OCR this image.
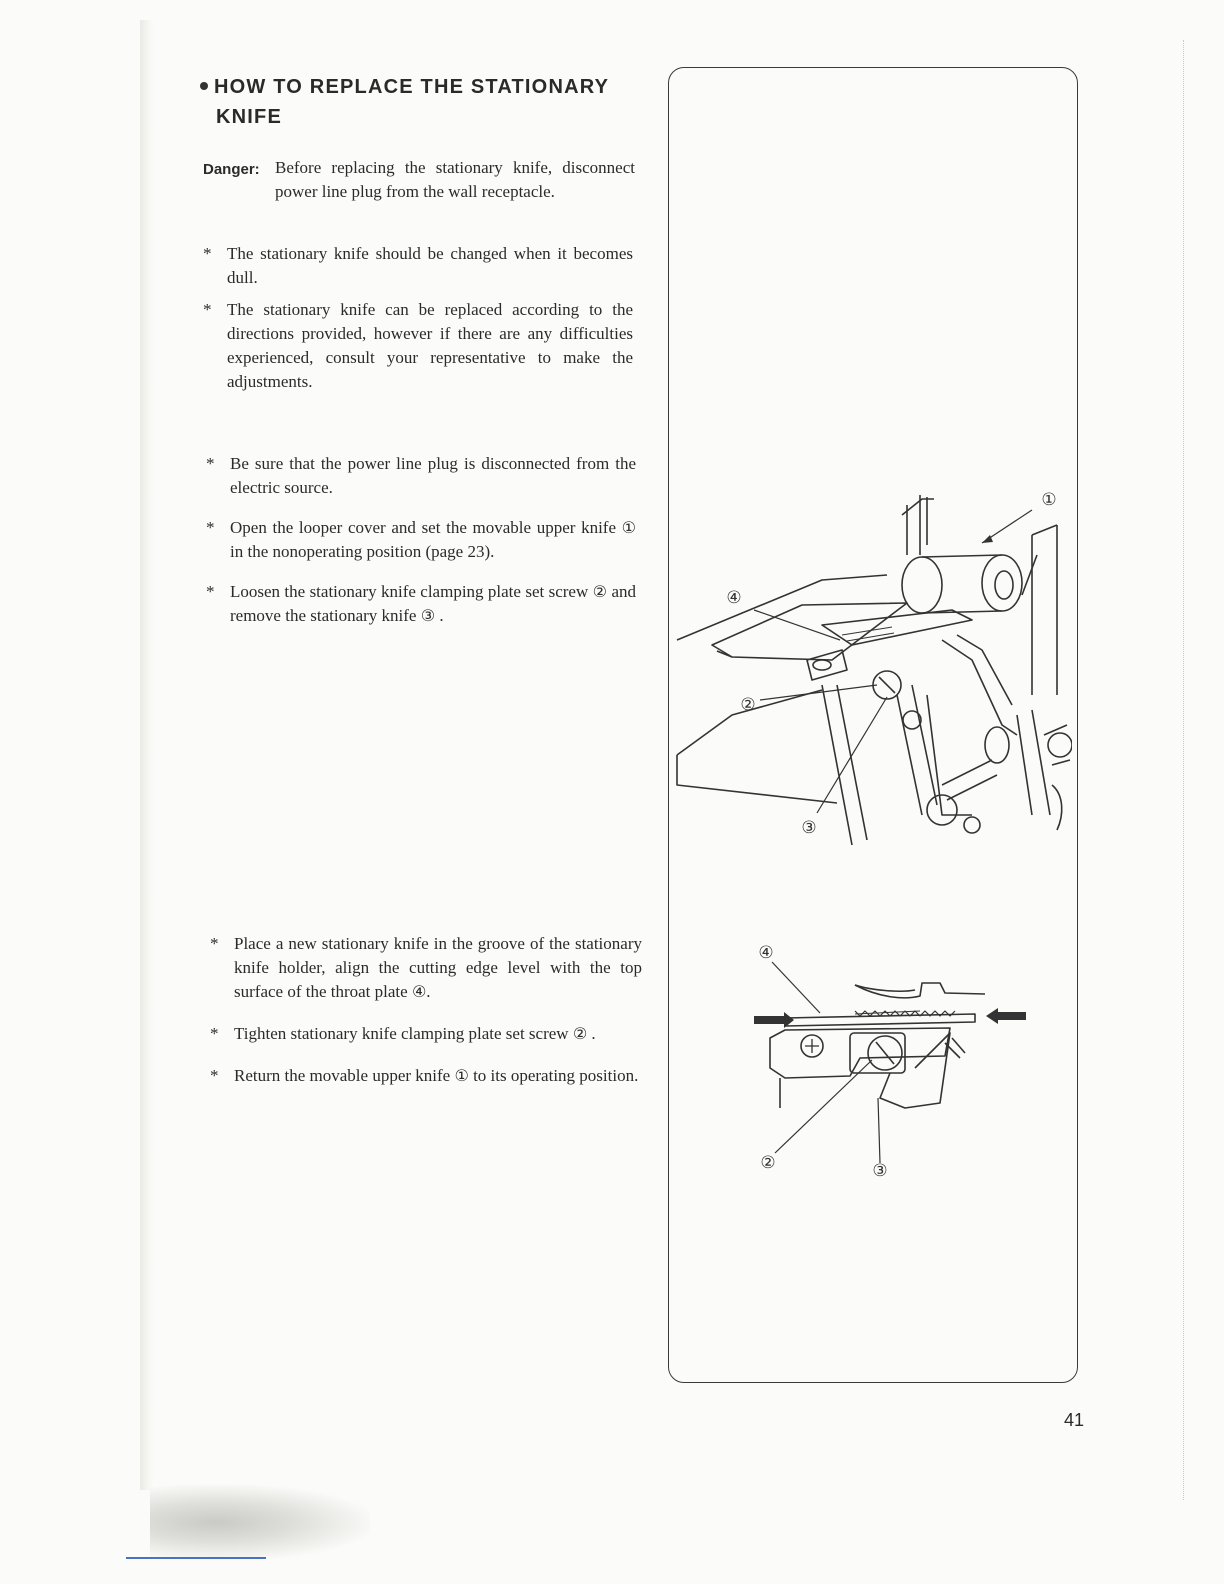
HOW TO REPLACE THE STATIONARY
KNIFE
Danger: Before replacing the stationary knife, disconnect power line plug from the wall receptacle.
* The stationary knife should be changed when it becomes dull.
* The stationary knife can be replaced according to the directions provided, however if there are any difficulties experienced, consult your representative to make the adjustments.
* Be sure that the power line plug is disconnected from the electric source.
* Open the looper cover and set the movable upper knife ① in the nonoperating position (page 23).
* Loosen the stationary knife clamping plate set screw ② and remove the stationary knife ③ .
* Place a new stationary knife in the groove of the stationary knife holder, align the cutting edge level with the top surface of the throat plate ④.
* Tighten stationary knife clamping plate set screw ② .
* Return the movable upper knife ① to its operating position.
①
④
②
③
④
②	③
41
